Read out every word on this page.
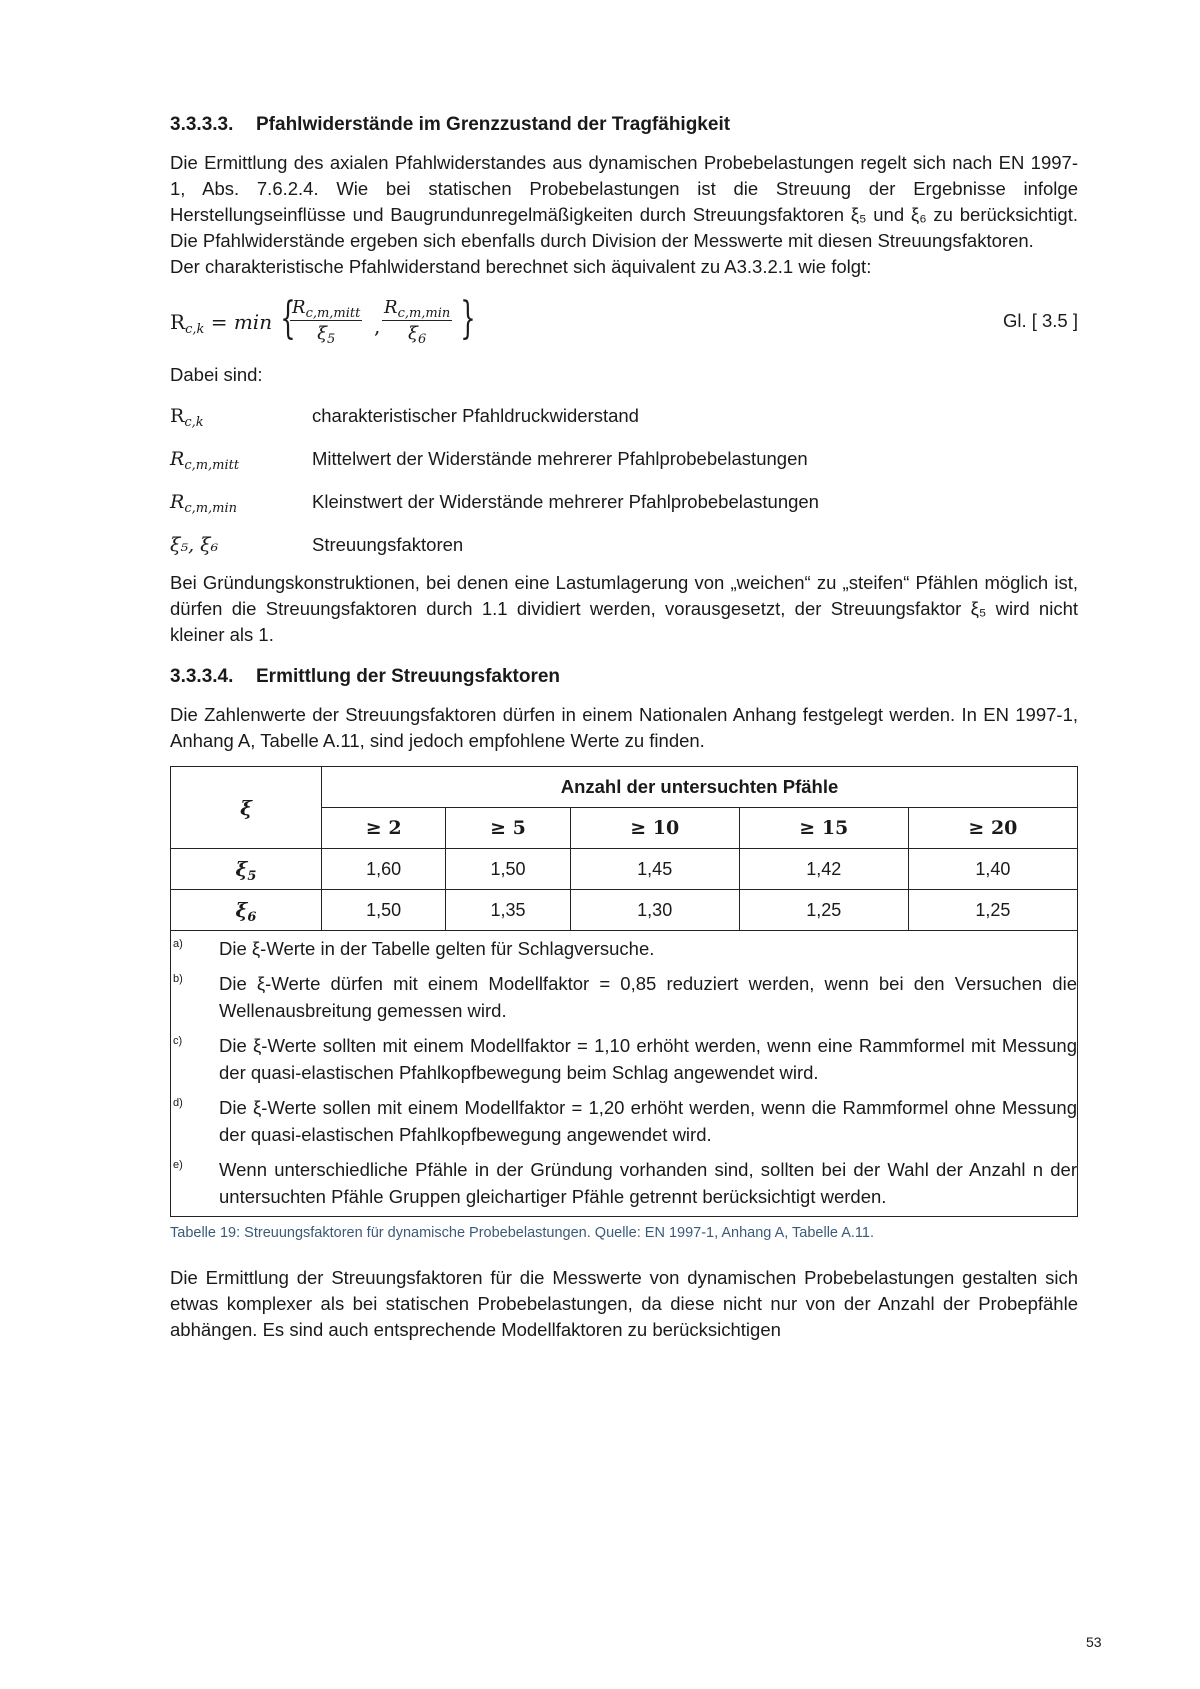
3.3.3.3. Pfahlwiderstände im Grenzzustand der Tragfähigkeit

Die Ermittlung des axialen Pfahlwiderstandes aus dynamischen Probebelastungen regelt sich nach EN 1997-1, Abs. 7.6.2.4. Wie bei statischen Probebelastungen ist die Streuung der Ergebnisse infolge Herstellungseinflüsse und Baugrundunregelmäßigkeiten durch Streuungsfaktoren ξ₅ und ξ₆ zu berücksichtigt. Die Pfahlwiderstände ergeben sich ebenfalls durch Division der Messwerte mit diesen Streuungsfaktoren.

Der charakteristische Pfahlwiderstand berechnet sich äquivalent zu A3.3.2.1 wie folgt:

$R_{c,k} = \min$ {
$R_{c,m,mitt}$
$\xi_5$
,
$R_{c,m,min}$
$\xi_6$ }	Gl. [ 3.5 ]

Dabei sind:

$R_{c,k}$	charakteristischer Pfahldruckwiderstand
$R_{c,m,mitt}$	Mittelwert der Widerstände mehrerer Pfahlprobebelastungen
$R_{c,m,min}$	Kleinstwert der Widerstände mehrerer Pfahlprobebelastungen
ξ₅, ξ₆	Streuungsfaktoren

Bei Gründungskonstruktionen, bei denen eine Lastumlagerung von „weichen“ zu „steifen“ Pfählen möglich ist, dürfen die Streuungsfaktoren durch 1.1 dividiert werden, vorausgesetzt, der Streuungsfaktor ξ₅ wird nicht kleiner als 1.

3.3.3.4. Ermittlung der Streuungsfaktoren

Die Zahlenwerte der Streuungsfaktoren dürfen in einem Nationalen Anhang festgelegt werden. In EN 1997-1, Anhang A, Tabelle A.11, sind jedoch empfohlene Werte zu finden.

ξ	Anzahl der untersuchten Pfähle				
	≥ 2	≥ 5	≥ 10	≥ 15	≥ 20
$\xi_5$	1,60	1,50	1,45	1,42	1,40
$\xi_6$	1,50	1,35	1,30	1,25	1,25
a)	Die ξ-Werte in der Tabelle gelten für Schlagversuche.
b)	Die ξ-Werte dürfen mit einem Modellfaktor = 0,85 reduziert werden, wenn bei den Versuchen die Wellenausbreitung gemessen wird.
c)	Die ξ-Werte sollten mit einem Modellfaktor = 1,10 erhöht werden, wenn eine Rammformel mit Messung der quasi-elastischen Pfahlkopfbewegung beim Schlag angewendet wird.
d)	Die ξ-Werte sollen mit einem Modellfaktor = 1,20 erhöht werden, wenn die Rammformel ohne Messung der quasi-elastischen Pfahlkopfbewegung angewendet wird.
e)	Wenn unterschiedliche Pfähle in der Gründung vorhanden sind, sollten bei der Wahl der Anzahl n der untersuchten Pfähle Gruppen gleichartiger Pfähle getrennt berücksichtigt werden.
Tabelle 19: Streuungsfaktoren für dynamische Probebelastungen. Quelle: EN 1997-1, Anhang A, Tabelle A.11.

Die Ermittlung der Streuungsfaktoren für die Messwerte von dynamischen Probebelastungen gestalten sich etwas komplexer als bei statischen Probebelastungen, da diese nicht nur von der Anzahl der Probepfähle abhängen. Es sind auch entsprechende Modellfaktoren zu berücksichtigen

53
